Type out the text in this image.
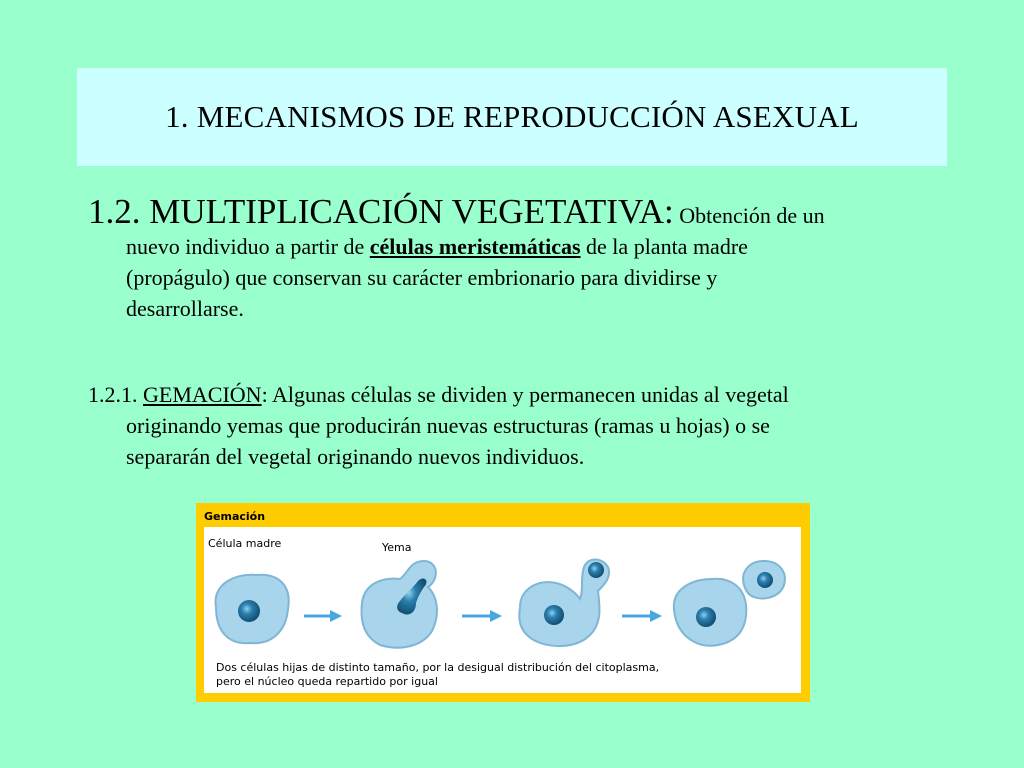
1. MECANISMOS DE REPRODUCCIÓN ASEXUAL
1.2. MULTIPLICACIÓN VEGETATIVA: Obtención de un
nuevo individuo a partir de células meristemáticas de la planta madre
(propágulo) que conservan su carácter embrionario para dividirse y
desarrollarse.
1.2.1. GEMACIÓN: Algunas células se dividen y permanecen unidas al vegetal
originando yemas que producirán nuevas estructuras (ramas u hojas) o se
separarán del vegetal originando nuevos individuos.
Gemación
Célula madre	Yema
Dos células hijas de distinto tamaño, por la desigual distribución del citoplasma,
pero el núcleo queda repartido por igual
